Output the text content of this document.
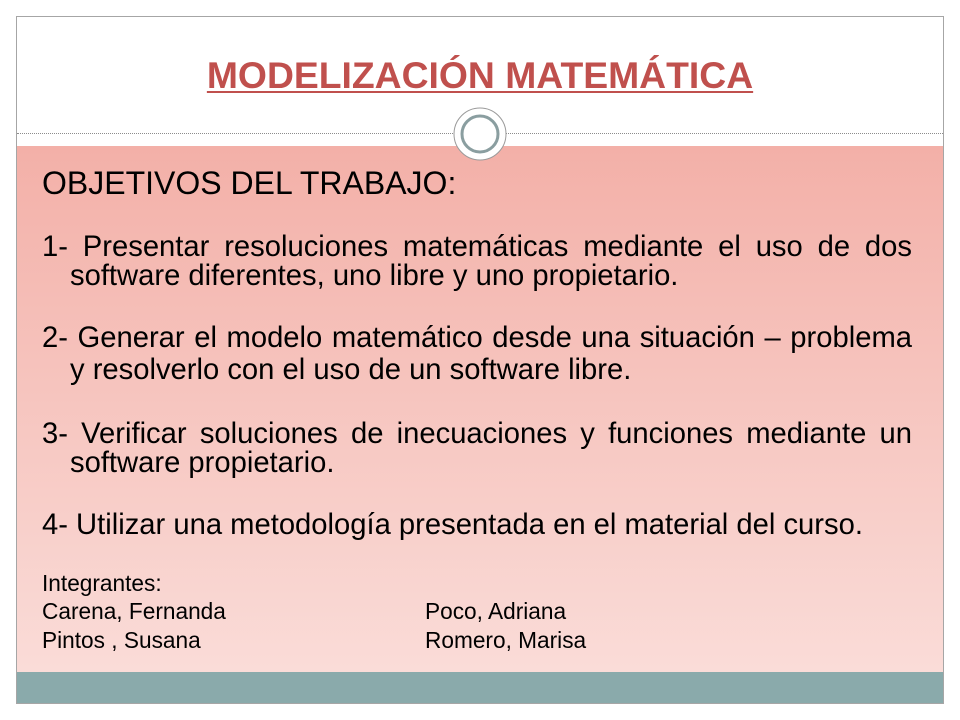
MODELIZACIÓN MATEMÁTICA
OBJETIVOS DEL TRABAJO:

1- Presentar resoluciones matemáticas mediante el uso de dos software diferentes, uno libre y uno propietario.

2- Generar el modelo matemático desde una situación – problema y resolverlo con el uso de un software libre.

3- Verificar soluciones de inecuaciones y funciones mediante un software propietario.

4- Utilizar una metodología presentada en el material del curso.

Integrantes:
Carena, Fernanda	Poco, Adriana
Pintos , Susana	Romero, Marisa
